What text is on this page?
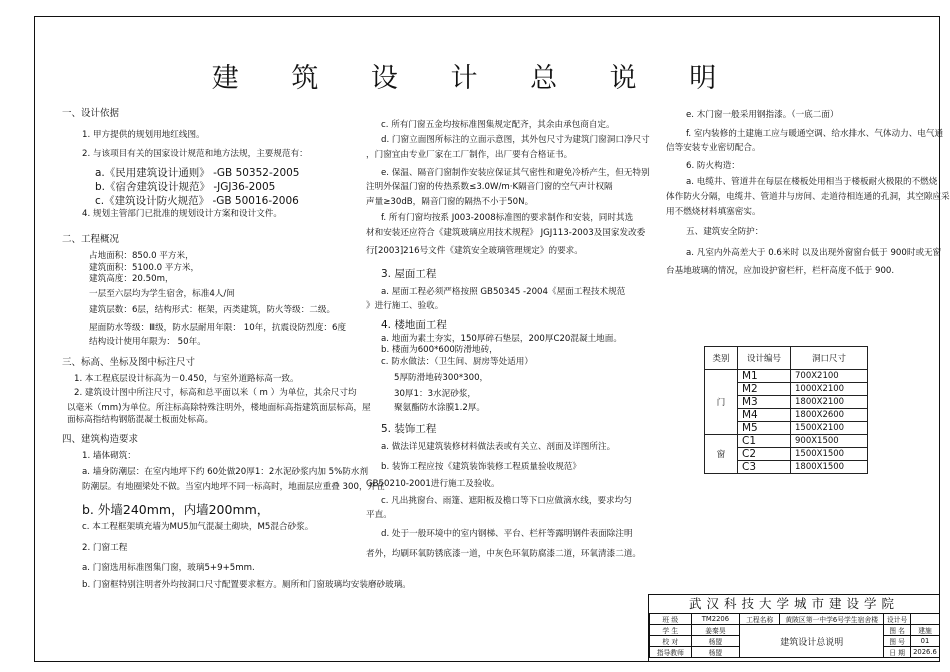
建 筑 设 计 总 说 明
一、设计依据
1. 甲方提供的规划用地红线图。
2. 与该项目有关的国家设计规范和地方法规，主要规范有：
a.《民用建筑设计通则》 -GB 50352-2005
b.《宿舍建筑设计规范》 -JGJ36-2005
c.《建筑设计防火规范》 -GB 50016-2006
4. 规划主管部门已批准的规划设计方案和设计文件。
二、工程概况
占地面积：850.0 平方米，
建筑面积：5100.0 平方米，
建筑高度：20.50m，
一层至六层均为学生宿舍，标准4人/间
建筑层数：6层，结构形式：框架，丙类建筑，防火等级：二级。
屋面防水等级：Ⅲ级，防水层耐用年限： 10年，抗震设防烈度：6度
结构设计使用年限为： 50年。
三、标高、坐标及图中标注尺寸
1. 本工程底层设计标高为－0.450，与室外道路标高一致。
2. 建筑设计图中所注尺寸，标高和总平面以米（ m ）为单位，其余尺寸均
以毫米（mm)为单位。所注标高除特殊注明外，楼地面标高指建筑面层标高，屋
面标高指结构钢筋混凝土板面处标高。
四、建筑构造要求
1. 墙体砌筑：
a. 墙身防潮层：在室内地坪下约 60处做20厚1：2水泥砂浆内加 5%防水剂
防潮层。有地圈梁处不做。当室内地坪不同一标高时，地面层应重叠 300，并在
b. 外墙240mm，内墙200mm，
c. 本工程框架填充墙为MU5加气混凝土砌块，M5混合砂浆。
2. 门窗工程
a. 门窗选用标准图集门窗，玻璃5+9+5mm.
b. 门窗框特别注明者外均按洞口尺寸配置要求框方。厕所和门窗玻璃均安装磨砂玻璃。
c. 所有门窗五金均按标准图集规定配齐，其余由承包商自定。
d. 门窗立面图所标注的立面示意图，其外包尺寸为建筑门窗洞口净尺寸
，门窗宜由专业厂家在工厂制作，出厂要有合格证书。
e. 保温、隔音门窗制作安装应保证其气密性和避免冷桥产生，但无特别
注明外保温门窗的传热系数≤3.0W/m·K隔音门窗的空气声计权隔
声量≥30dB，隔音门窗的隔热不小于50N。
f. 所有门窗均按系 J003-2008标准图的要求制作和安装，同时其选
材和安装还应符合《建筑玻璃应用技术规程》 JGJ113-2003及国家发改委
行[2003]216号文件《建筑安全玻璃管理规定》的要求。
3. 屋面工程
a. 屋面工程必须严格按照 GB50345 -2004《屋面工程技术规范
》进行施工、验收。
4. 楼地面工程
a. 地面为素土夯实，150厚碎石垫层，200厚C20混凝土地面。
b. 楼面为600*600防滑地砖，
c. 防水做法：（卫生间、厨房等处适用）
5厚防滑地砖300*300，
30厚1：3水泥砂浆，
聚氨酯防水涂膜1.2厚。
5. 装饰工程
a. 做法详见建筑装修材料做法表或有关立、剖面及详图所注。
b. 装饰工程应按《建筑装饰装修工程质量验收规范》
GB50210-2001进行施工及验收。
c. 凡出挑窗台、雨篷、遮阳板及檐口等下口应做滴水线，要求均匀
平直。
d. 处于一般环境中的室内钢梯、平台、栏杆等露明钢件表面除注明
者外，均刷环氧防锈底漆一道，中灰色环氧防腐漆二道，环氧清漆二道。
e. 木门窗一般采用钢指漆。（一底二面）
f. 室内装修的土建施工应与暖通空调、给水排水、气体动力、电气通
信等安装专业密切配合。
6. 防火构造：
a. 电缆井、管道井在每层在楼板处用相当于楼板耐火极限的不燃烧
体作防火分隔，电缆井、管道井与房间、走道待相连通的孔洞，其空隙应采
用不燃烧材料填塞密实。
五、建筑安全防护：
a. 凡室内外高差大于 0.6米时 以及出现外窗窗台低于 900时或无窗
台基地玻璃的情况，应加设护窗栏杆，栏杆高度不低于 900.
类别	设计编号	洞口尺寸
门	M1	700X2100
	M2	1000X2100
	M3	1800X2100
	M4	1800X2600
	M5	1500X2100
窗	C1	900X1500
	C2	1500X1500
	C3	1800X1500
武汉科技大学城市建设学院
班 级	TM2206	工程名称	黄陂区第一中学6号学生宿舍楼	设计号	
学 生	姜秦昊	建筑设计总说明		图 名	建施
校 对	杨盟			图 号	01
指导教师	杨盟			日 期	2026.6
